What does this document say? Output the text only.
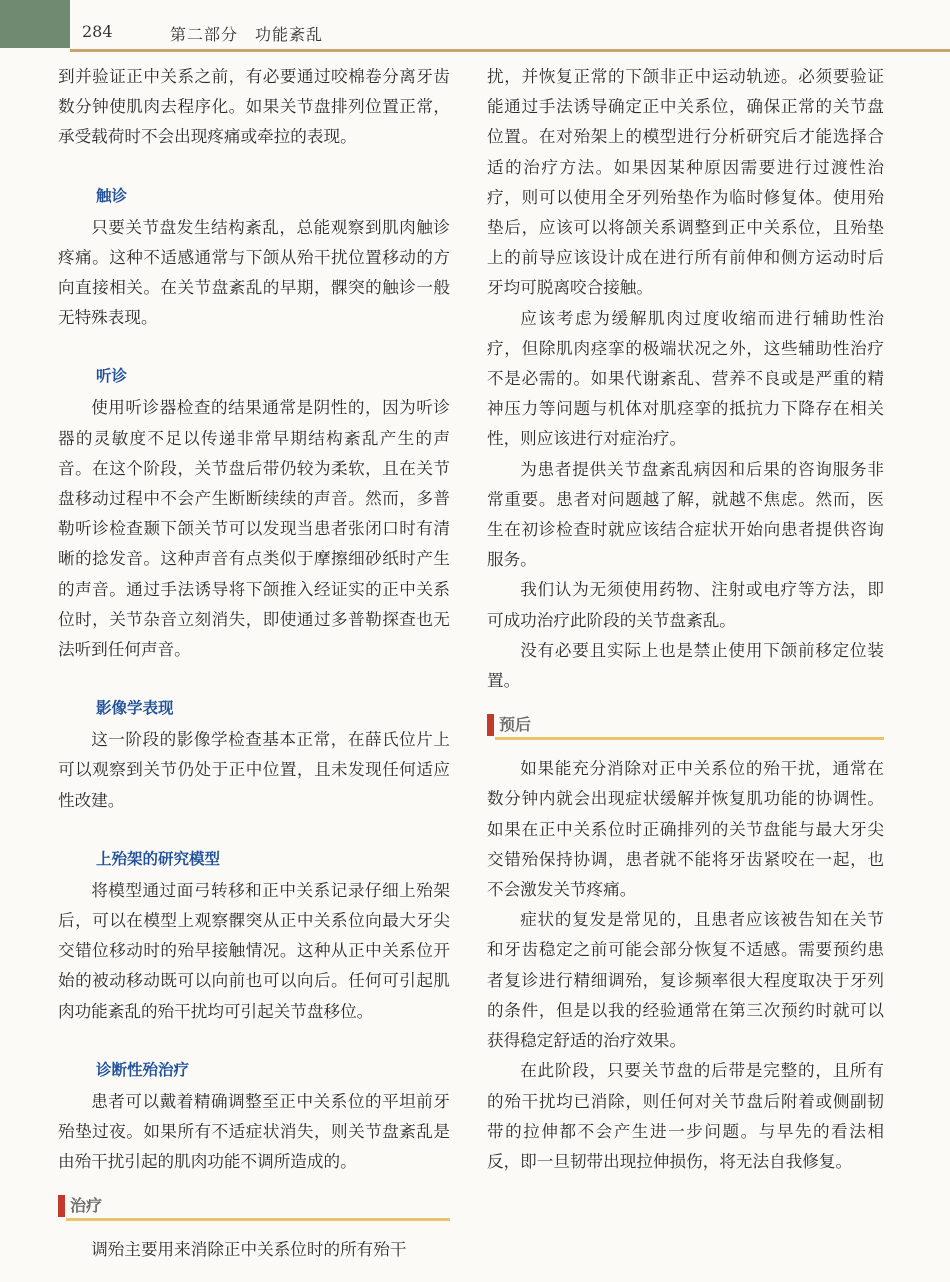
284	第二部分　功能紊乱

到并验证正中关系之前，有必要通过咬棉卷分离牙齿数分钟使肌肉去程序化。如果关节盘排列位置正常，承受载荷时不会出现疼痛或牵拉的表现。

触诊

只要关节盘发生结构紊乱，总能观察到肌肉触诊疼痛。这种不适感通常与下颌从殆干扰位置移动的方向直接相关。在关节盘紊乱的早期，髁突的触诊一般无特殊表现。

听诊

使用听诊器检查的结果通常是阴性的，因为听诊器的灵敏度不足以传递非常早期结构紊乱产生的声音。在这个阶段，关节盘后带仍较为柔软，且在关节盘移动过程中不会产生断断续续的声音。然而，多普勒听诊检查颞下颌关节可以发现当患者张闭口时有清晰的捻发音。这种声音有点类似于摩擦细砂纸时产生的声音。通过手法诱导将下颌推入经证实的正中关系位时，关节杂音立刻消失，即使通过多普勒探查也无法听到任何声音。

影像学表现

这一阶段的影像学检查基本正常，在薛氏位片上可以观察到关节仍处于正中位置，且未发现任何适应性改建。

上殆架的研究模型

将模型通过面弓转移和正中关系记录仔细上殆架后，可以在模型上观察髁突从正中关系位向最大牙尖交错位移动时的殆早接触情况。这种从正中关系位开始的被动移动既可以向前也可以向后。任何可引起肌肉功能紊乱的殆干扰均可引起关节盘移位。

诊断性殆治疗

患者可以戴着精确调整至正中关系位的平坦前牙殆垫过夜。如果所有不适症状消失，则关节盘紊乱是由殆干扰引起的肌肉功能不调所造成的。

治疗

调殆主要用来消除正中关系位时的所有殆干

扰，并恢复正常的下颌非正中运动轨迹。必须要验证能通过手法诱导确定正中关系位，确保正常的关节盘位置。在对殆架上的模型进行分析研究后才能选择合适的治疗方法。如果因某种原因需要进行过渡性治疗，则可以使用全牙列殆垫作为临时修复体。使用殆垫后，应该可以将颌关系调整到正中关系位，且殆垫上的前导应该设计成在进行所有前伸和侧方运动时后牙均可脱离咬合接触。

应该考虑为缓解肌肉过度收缩而进行辅助性治疗，但除肌肉痉挛的极端状况之外，这些辅助性治疗不是必需的。如果代谢紊乱、营养不良或是严重的精神压力等问题与机体对肌痉挛的抵抗力下降存在相关性，则应该进行对症治疗。

为患者提供关节盘紊乱病因和后果的咨询服务非常重要。患者对问题越了解，就越不焦虑。然而，医生在初诊检查时就应该结合症状开始向患者提供咨询服务。

我们认为无须使用药物、注射或电疗等方法，即可成功治疗此阶段的关节盘紊乱。

没有必要且实际上也是禁止使用下颌前移定位装置。

预后

如果能充分消除对正中关系位的殆干扰，通常在数分钟内就会出现症状缓解并恢复肌功能的协调性。如果在正中关系位时正确排列的关节盘能与最大牙尖交错殆保持协调，患者就不能将牙齿紧咬在一起，也不会激发关节疼痛。

症状的复发是常见的，且患者应该被告知在关节和牙齿稳定之前可能会部分恢复不适感。需要预约患者复诊进行精细调殆，复诊频率很大程度取决于牙列的条件，但是以我的经验通常在第三次预约时就可以获得稳定舒适的治疗效果。

在此阶段，只要关节盘的后带是完整的，且所有的殆干扰均已消除，则任何对关节盘后附着或侧副韧带的拉伸都不会产生进一步问题。与早先的看法相反，即一旦韧带出现拉伸损伤，将无法自我修复。
